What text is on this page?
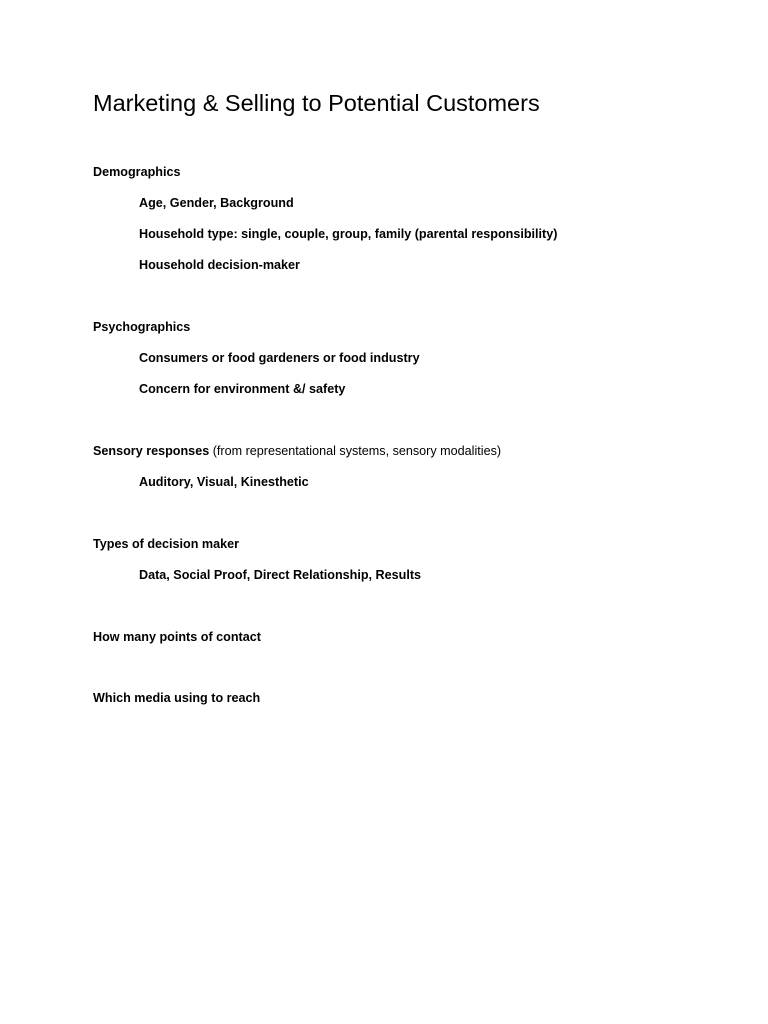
Marketing & Selling to Potential Customers

Demographics

Age, Gender, Background

Household type: single, couple, group, family (parental responsibility)

Household decision-maker

Psychographics

Consumers or food gardeners or food industry

Concern for environment &/ safety

Sensory responses (from representational systems, sensory modalities)

Auditory, Visual, Kinesthetic

Types of decision maker

Data, Social Proof, Direct Relationship, Results

How many points of contact

Which media using to reach
